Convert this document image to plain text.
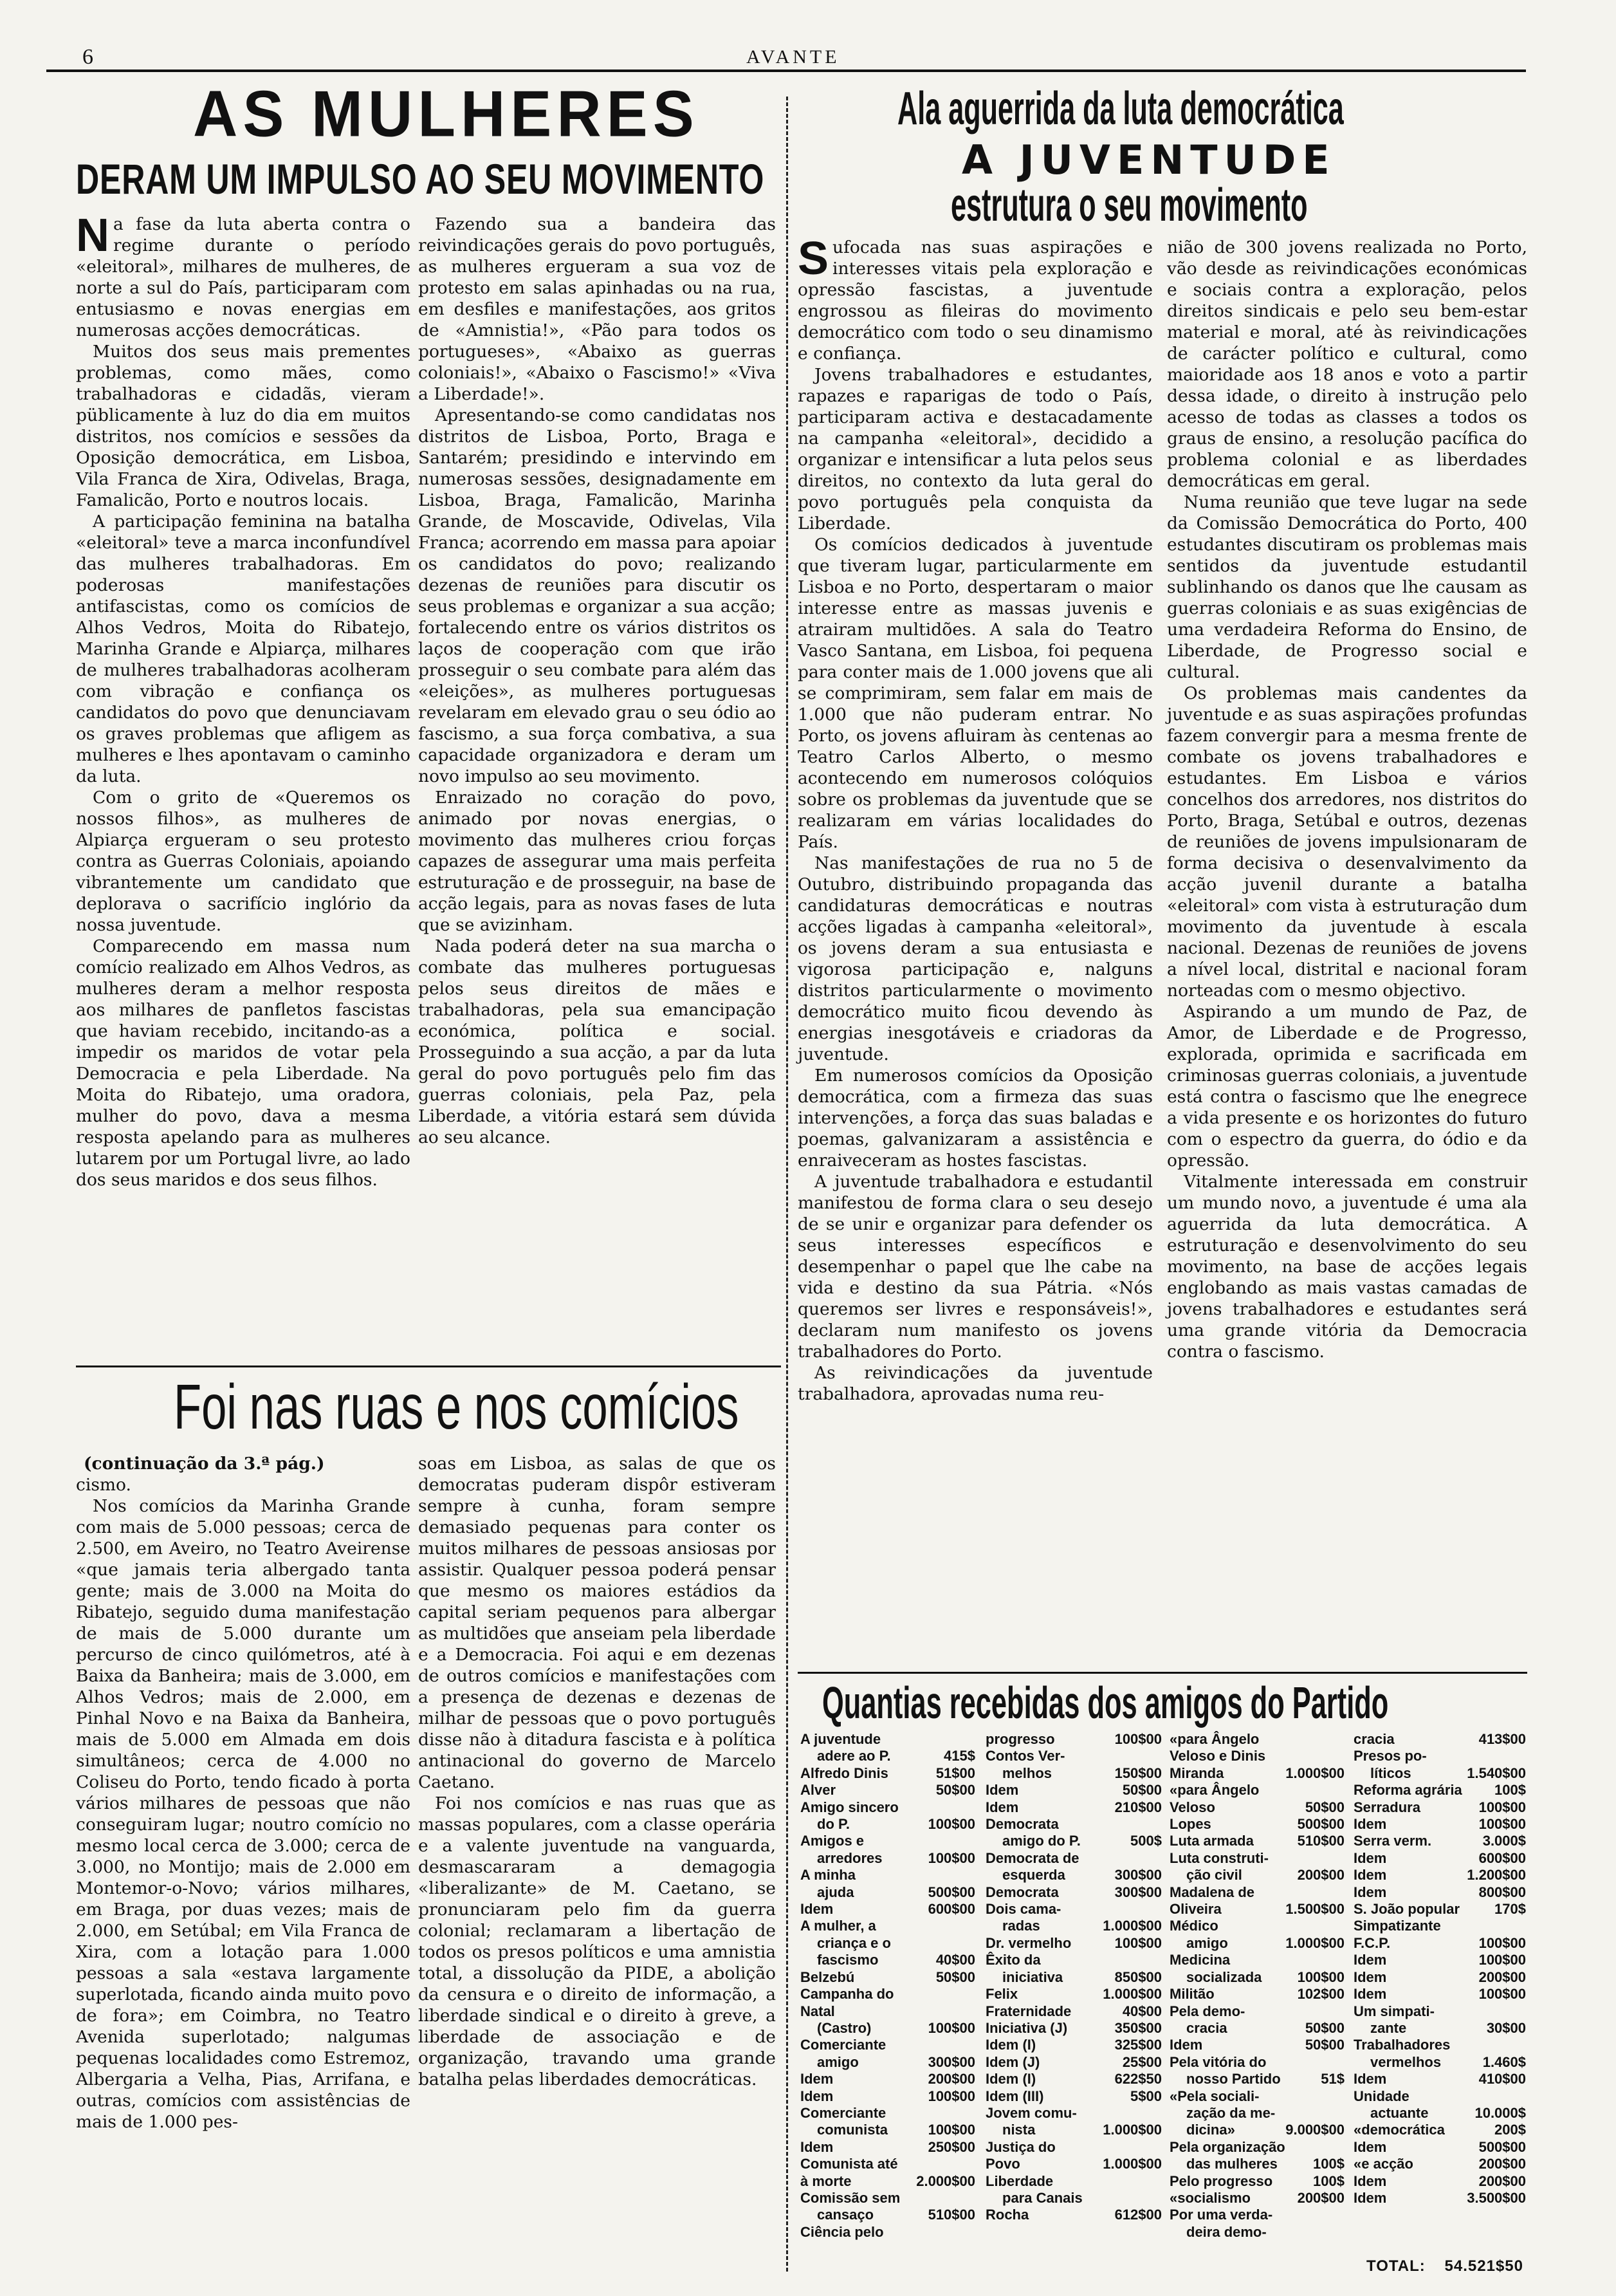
6	AVANTE
AS MULHERES
DERAM UM IMPULSO AO SEU MOVIMENTO
N a fase da luta aberta contra o regime durante o período «eleitoral», milhares de mulheres, de norte a sul do País, participaram com entusiasmo e novas energias em numerosas acções democráticas.

Muitos dos seus mais prementes problemas, como mães, como trabalhadoras e cidadãs, vieram püblicamente à luz do dia em muitos distritos, nos comícios e sessões da Oposição democrática, em Lisboa, Vila Franca de Xira, Odivelas, Braga, Famalicão, Porto e noutros locais.

A participação feminina na batalha «eleitoral» teve a marca inconfundível das mulheres trabalhadoras. Em poderosas manifestações antifascistas, como os comícios de Alhos Vedros, Moita do Ribatejo, Marinha Grande e Alpiarça, milhares de mulheres trabalhadoras acolheram com vibração e confiança os candidatos do povo que denunciavam os graves problemas que afligem as mulheres e lhes apontavam o caminho da luta.

Com o grito de «Queremos os nossos filhos», as mulheres de Alpiarça ergueram o seu protesto contra as Guerras Coloniais, apoiando vibrantemente um candidato que deplorava o sacrifício inglório da nossa juventude.

Comparecendo em massa num comício realizado em Alhos Vedros, as mulheres deram a melhor resposta aos milhares de panfletos fascistas que haviam recebido, incitando-as a impedir os maridos de votar pela Democracia e pela Liberdade. Na Moita do Ribatejo, uma oradora, mulher do povo, dava a mesma resposta apelando para as mulheres lutarem por um Portugal livre, ao lado dos seus maridos e dos seus filhos.

Fazendo sua a bandeira das reivindicações gerais do povo português, as mulheres ergueram a sua voz de protesto em salas apinhadas ou na rua, em desfiles e manifestações, aos gritos de «Amnistia!», «Pão para todos os portugueses», «Abaixo as guerras coloniais!», «Abaixo o Fascismo!» «Viva a Liberdade!».

Apresentando-se como candidatas nos distritos de Lisboa, Porto, Braga e Santarém; presidindo e intervindo em numerosas sessões, designadamente em Lisboa, Braga, Famalicão, Marinha Grande, de Moscavide, Odivelas, Vila Franca; acorrendo em massa para apoiar os candidatos do povo; realizando dezenas de reuniões para discutir os seus problemas e organizar a sua acção; fortalecendo entre os vários distritos os laços de cooperação com que irão prosseguir o seu combate para além das «eleições», as mulheres portuguesas revelaram em elevado grau o seu ódio ao fascismo, a sua força combativa, a sua capacidade organizadora e deram um novo impulso ao seu movimento.

Enraizado no coração do povo, animado por novas energias, o movimento das mulheres criou forças capazes de assegurar uma mais perfeita estruturação e de prosseguir, na base de acção legais, para as novas fases de luta que se avizinham.

Nada poderá deter na sua marcha o combate das mulheres portuguesas pelos seus direitos de mães e trabalhadoras, pela sua emancipação económica, política e social. Prosseguindo a sua acção, a par da luta geral do povo português pelo fim das guerras coloniais, pela Paz, pela Liberdade, a vitória estará sem dúvida ao seu alcance.

Foi nas ruas e nos comícios

(continuação da 3.ª pág.)

cismo.

Nos comícios da Marinha Grande com mais de 5.000 pessoas; cerca de 2.500, em Aveiro, no Teatro Aveirense «que jamais teria albergado tanta gente; mais de 3.000 na Moita do Ribatejo, seguido duma manifestação de mais de 5.000 durante um percurso de cinco quilómetros, até à Baixa da Banheira; mais de 3.000, em Alhos Vedros; mais de 2.000, em Pinhal Novo e na Baixa da Banheira, mais de 5.000 em Almada em dois simultâneos; cerca de 4.000 no Coliseu do Porto, tendo ficado à porta vários milhares de pessoas que não conseguiram lugar; noutro comício no mesmo local cerca de 3.000; cerca de 3.000, no Montijo; mais de 2.000 em Montemor-o-Novo; vários milhares, em Braga, por duas vezes; mais de 2.000, em Setúbal; em Vila Franca de Xira, com a lotação para 1.000 pessoas a sala «estava largamente superlotada, ficando ainda muito povo de fora»; em Coimbra, no Teatro Avenida superlotado; nalgumas pequenas localidades como Estremoz, Albergaria a Velha, Pias, Arrifana, e outras, comícios com assistências de mais de 1.000 pes-

soas em Lisboa, as salas de que os democratas puderam dispôr estiveram sempre à cunha, foram sempre demasiado pequenas para conter os muitos milhares de pessoas ansiosas por assistir. Qualquer pessoa poderá pensar que mesmo os maiores estádios da capital seriam pequenos para albergar as multidões que anseiam pela liberdade e a Democracia. Foi aqui e em dezenas de outros comícios e manifestações com a presença de dezenas e dezenas de milhar de pessoas que o povo português disse não à ditadura fascista e à política antinacional do governo de Marcelo Caetano.

Foi nos comícios e nas ruas que as massas populares, com a classe operária e a valente juventude na vanguarda, desmascararam a demagogia «liberalizante» de M. Caetano, se pronunciaram pelo fim da guerra colonial; reclamaram a libertação de todos os presos políticos e uma amnistia total, a dissolução da PIDE, a abolição da censura e o direito de informação, a liberdade sindical e o direito à greve, a liberdade de associação e de organização, travando uma grande batalha pelas liberdades democráticas.

Ala aguerrida da luta democrática
A JUVENTUDE
estrutura o seu movimento
S ufocada nas suas aspirações e interesses vitais pela exploração e opressão fascistas, a juventude engrossou as fileiras do movimento democrático com todo o seu dinamismo e confiança.

Jovens trabalhadores e estudantes, rapazes e raparigas de todo o País, participaram activa e destacadamente na campanha «eleitoral», decidido a organizar e intensificar a luta pelos seus direitos, no contexto da luta geral do povo português pela conquista da Liberdade.

Os comícios dedicados à juventude que tiveram lugar, particularmente em Lisboa e no Porto, despertaram o maior interesse entre as massas juvenis e atrairam multidões. A sala do Teatro Vasco Santana, em Lisboa, foi pequena para conter mais de 1.000 jovens que ali se comprimiram, sem falar em mais de 1.000 que não puderam entrar. No Porto, os jovens afluiram às centenas ao Teatro Carlos Alberto, o mesmo acontecendo em numerosos colóquios sobre os problemas da juventude que se realizaram em várias localidades do País.

Nas manifestações de rua no 5 de Outubro, distribuindo propaganda das candidaturas democráticas e noutras acções ligadas à campanha «eleitoral», os jovens deram a sua entusiasta e vigorosa participação e, nalguns distritos particularmente o movimento democrático muito ficou devendo às energias inesgotáveis e criadoras da juventude.

Em numerosos comícios da Oposição democrática, com a firmeza das suas intervenções, a força das suas baladas e poemas, galvanizaram a assistência e enraiveceram as hostes fascistas.

A juventude trabalhadora e estudantil manifestou de forma clara o seu desejo de se unir e organizar para defender os seus interesses específicos e desempenhar o papel que lhe cabe na vida e destino da sua Pátria. «Nós queremos ser livres e responsáveis!», declaram num manifesto os jovens trabalhadores do Porto.

As reivindicações da juventude trabalhadora, aprovadas numa reu-

nião de 300 jovens realizada no Porto, vão desde as reivindicações económicas e sociais contra a exploração, pelos direitos sindicais e pelo seu bem-estar material e moral, até às reivindicações de carácter político e cultural, como maioridade aos 18 anos e voto a partir dessa idade, o direito à instrução pelo acesso de todas as classes a todos os graus de ensino, a resolução pacífica do problema colonial e as liberdades democráticas em geral.

Numa reunião que teve lugar na sede da Comissão Democrática do Porto, 400 estudantes discutiram os problemas mais sentidos da juventude estudantil sublinhando os danos que lhe causam as guerras coloniais e as suas exigências de uma verdadeira Reforma do Ensino, de Liberdade, de Progresso social e cultural.

Os problemas mais candentes da juventude e as suas aspirações profundas fazem convergir para a mesma frente de combate os jovens trabalhadores e estudantes. Em Lisboa e vários concelhos dos arredores, nos distritos do Porto, Braga, Setúbal e outros, dezenas de reuniões de jovens impulsionaram de forma decisiva o desenvalvimento da acção juvenil durante a batalha «eleitoral» com vista à estruturação dum movimento da juventude à escala nacional. Dezenas de reuniões de jovens a nível local, distrital e nacional foram norteadas com o mesmo objectivo.

Aspirando a um mundo de Paz, de Amor, de Liberdade e de Progresso, explorada, oprimida e sacrificada em criminosas guerras coloniais, a juventude está contra o fascismo que lhe enegrece a vida presente e os horizontes do futuro com o espectro da guerra, do ódio e da opressão.

Vitalmente interessada em construir um mundo novo, a juventude é uma ala aguerrida da luta democrática. A estruturação e desenvolvimento do seu movimento, na base de acções legais englobando as mais vastas camadas de jovens trabalhadores e estudantes será uma grande vitória da Democracia contra o fascismo.

Quantias recebidas dos amigos do Partido
A juventude
adere ao P.	415$
Alfredo Dinis	51$00
Alver	50$00
Amigo sincero
do P.	100$00
Amigos e
arredores	100$00
A minha
ajuda	500$00
Idem	600$00
A mulher, a
criança e o
fascismo	40$00
Belzebú	50$00
Campanha do
Natal
(Castro)	100$00
Comerciante
amigo	300$00
Idem	200$00
Idem	100$00
Comerciante
comunista	100$00
Idem	250$00
Comunista até
à morte	2.000$00
Comissão sem
cansaço	510$00
Ciência pelo
progresso	100$00
Contos Ver-
melhos	150$00
Idem	50$00
Idem	210$00
Democrata
amigo do P.	500$
Democrata de
esquerda	300$00
Democrata	300$00
Dois cama-
radas	1.000$00
Dr. vermelho	100$00
Êxito da
iniciativa	850$00
Felix	1.000$00
Fraternidade	40$00
Iniciativa (J)	350$00
Idem (I)	325$00
Idem (J)	25$00
Idem (I)	622$50
Idem (III)	5$00
Jovem comu-
nista	1.000$00
Justiça do
Povo	1.000$00
Liberdade
para Canais
Rocha	612$00
«para Ângelo
Veloso e Dinis
Miranda	1.000$00
«para Ângelo
Veloso	50$00
Lopes	500$00
Luta armada	510$00
Luta construti-
ção civil	200$00
Madalena de
Oliveira	1.500$00
Médico
amigo	1.000$00
Medicina
socializada	100$00
Militão	102$00
Pela demo-
cracia	50$00
Idem	50$00
Pela vitória do
nosso Partido	51$
«Pela sociali-
zação da me-
dicina»	9.000$00
Pela organização
das mulheres	100$
Pelo progresso	100$
«socialismo	200$00
Por uma verda-
deira demo-
cracia	413$00
Presos po-
líticos	1.540$00
Reforma agrária	100$
Serradura	100$00
Idem	100$00
Serra verm.	3.000$
Idem	600$00
Idem	1.200$00
Idem	800$00
S. João popular	170$
Simpatizante
F.C.P.	100$00
Idem	100$00
Idem	200$00
Idem	100$00
Um simpati-
zante	30$00
Trabalhadores
vermelhos	1.460$
Idem	410$00
Unidade
actuante	10.000$
«democrática	200$
Idem	500$00
«e acção	200$00
Idem	200$00
Idem	3.500$00
TOTAL: 54.521$50
